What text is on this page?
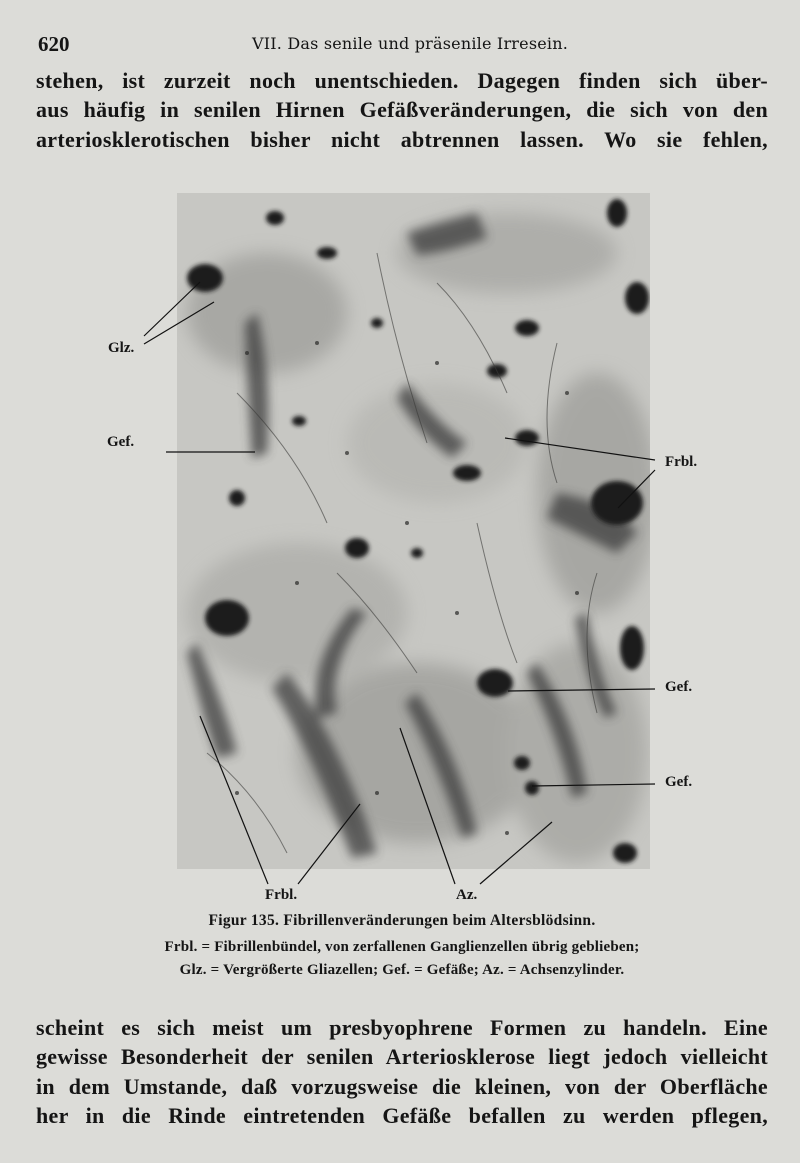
620	VII. Das senile und präsenile Irresein.
stehen, ist zurzeit noch unentschieden. Dagegen finden sich über-
aus häufig in senilen Hirnen Gefäßveränderungen, die sich von den
arteriosklerotischen bisher nicht abtrennen lassen. Wo sie fehlen,
Glz.
Gef.
Frbl.
Gef.
Gef.
Frbl.	Az.
Figur 135. Fibrillenveränderungen beim Altersblödsinn.
Frbl. = Fibrillenbündel, von zerfallenen Ganglienzellen übrig geblieben;
Glz. = Vergrößerte Gliazellen; Gef. = Gefäße; Az. = Achsenzylinder.
scheint es sich meist um presbyophrene Formen zu handeln. Eine
gewisse Besonderheit der senilen Arteriosklerose liegt jedoch vielleicht
in dem Umstande, daß vorzugsweise die kleinen, von der Oberfläche
her in die Rinde eintretenden Gefäße befallen zu werden pflegen,
